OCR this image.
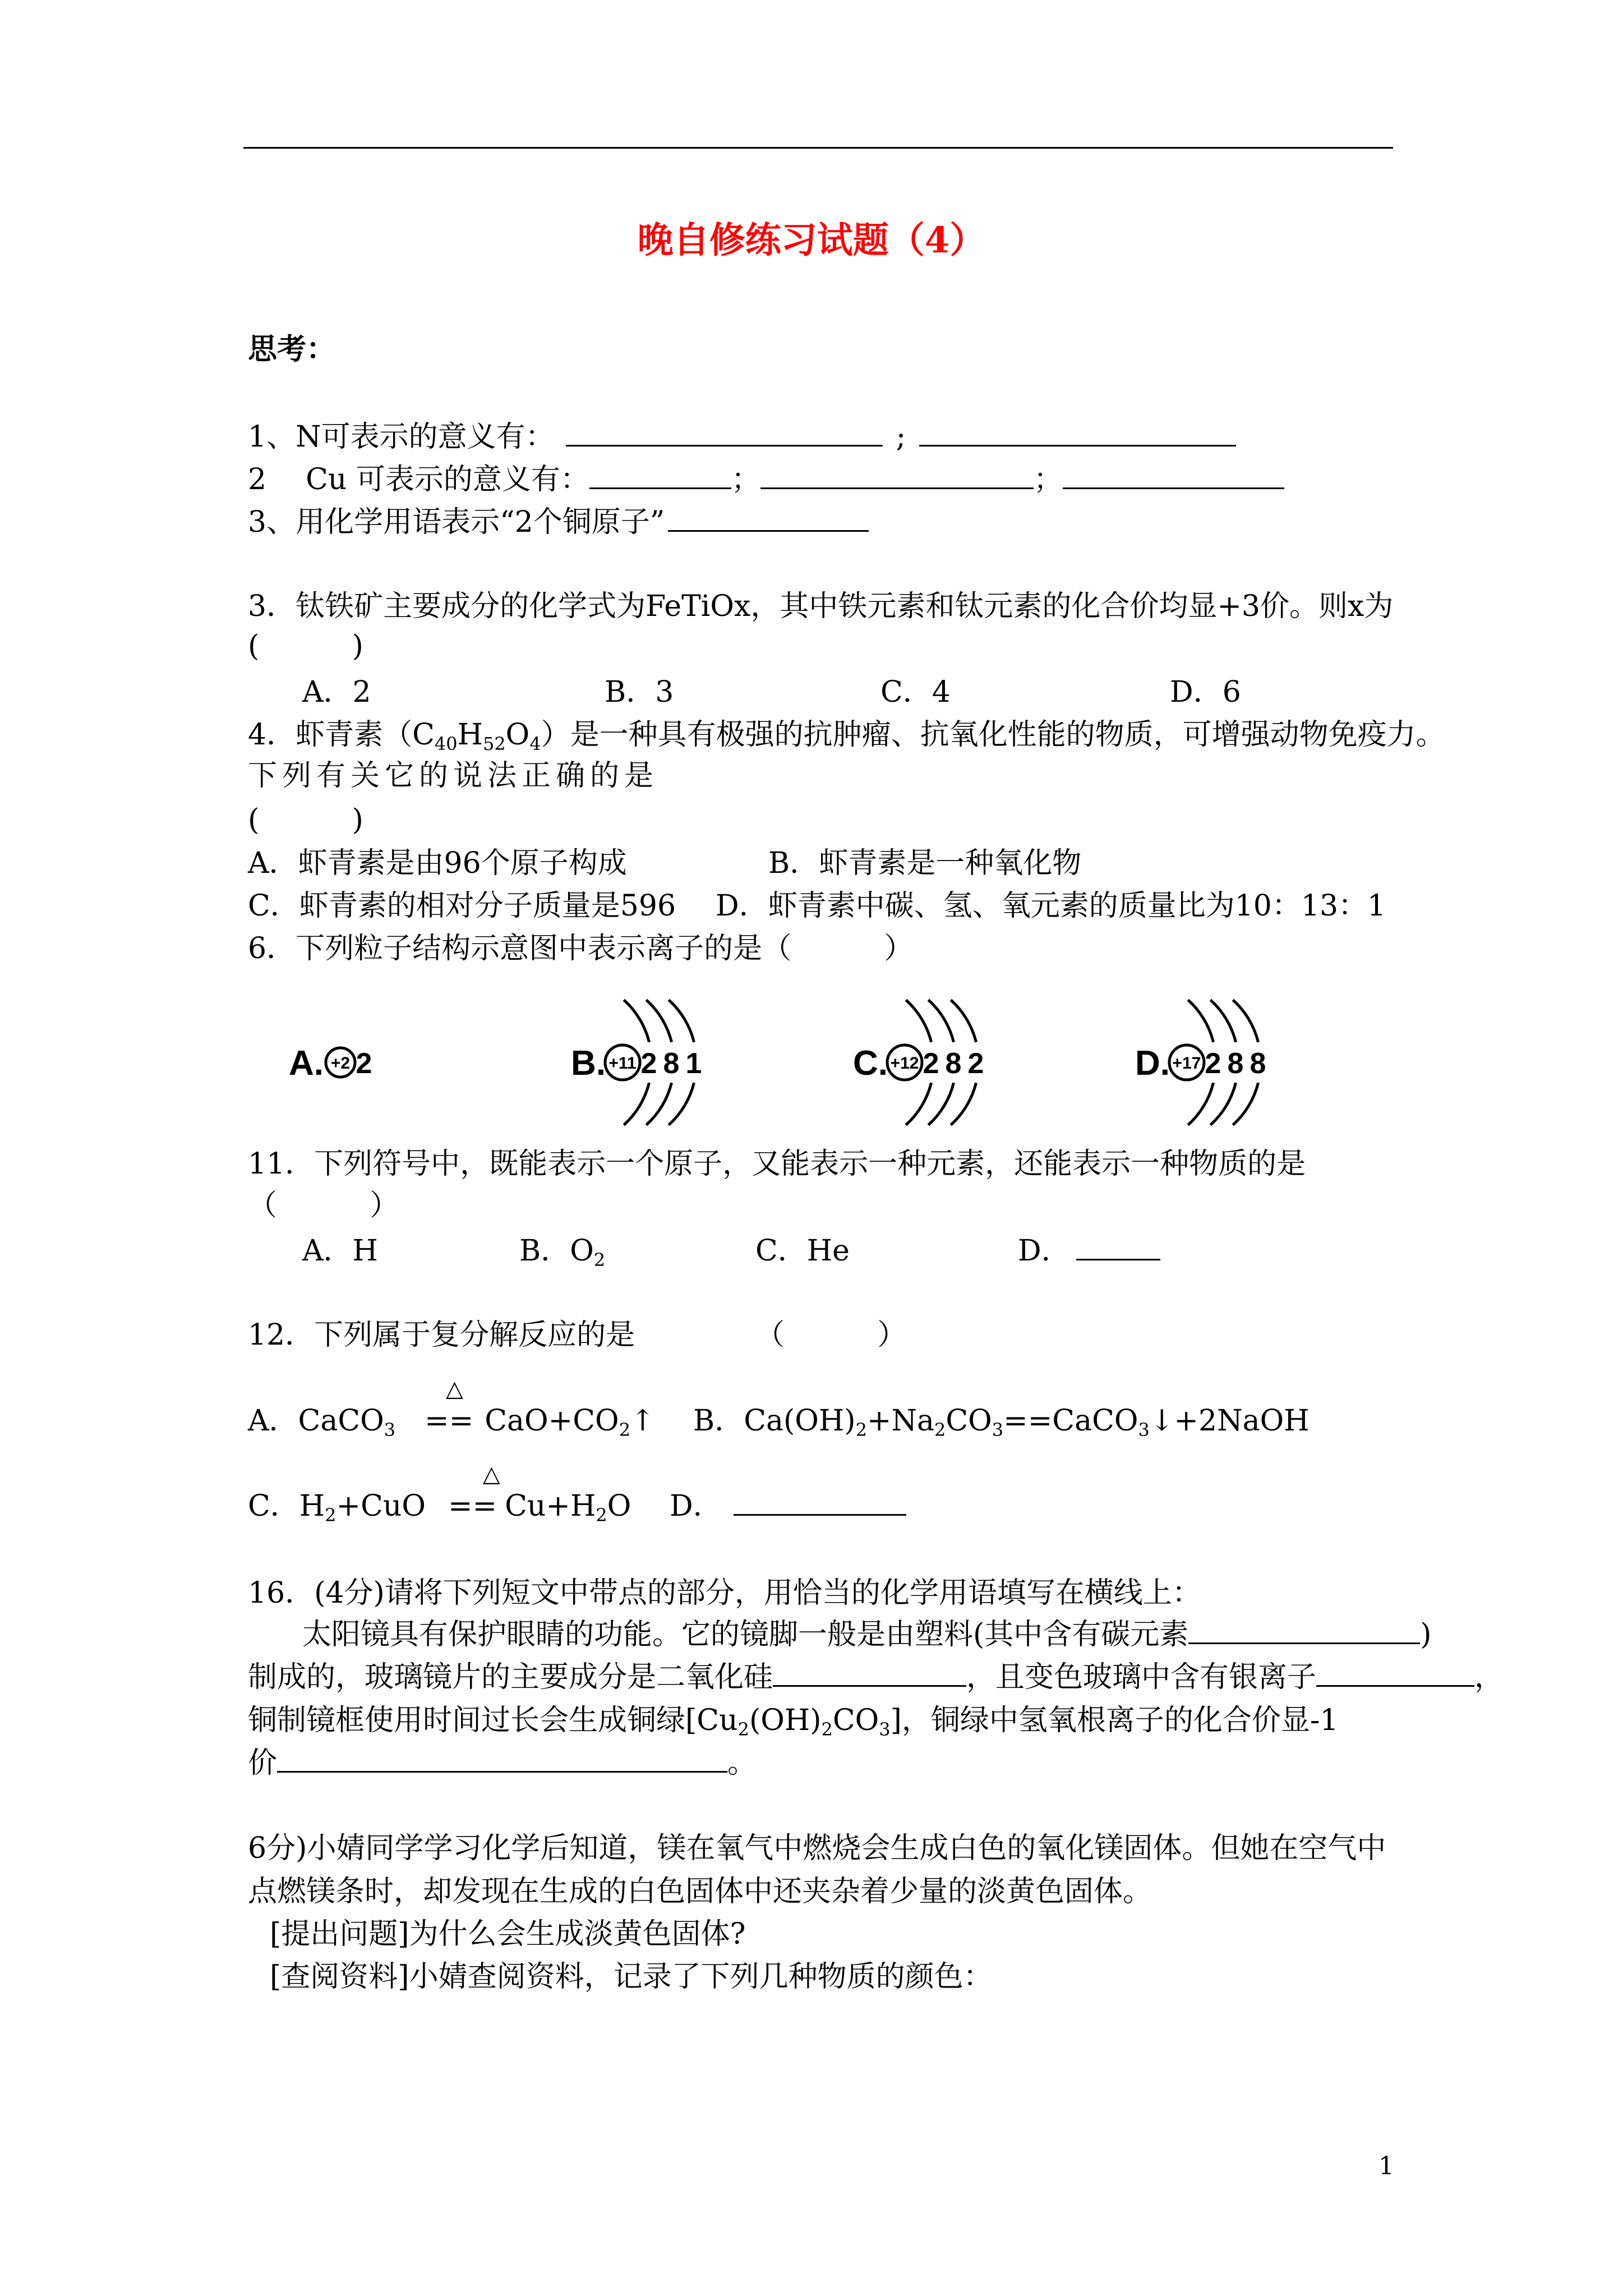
晚自修练习试题（4）
思考：
1、N可表示的意义有：	;
2 Cu 可表示的意义有：	；	；
3、用化学用语表示“2个铜原子”
3．钛铁矿主要成分的化学式为FeTiOx，其中铁元素和钛元素的化合价均显+3价。则x为
(          )
A．2	B．3	C．4	D．6
4．虾青素$(C_{40}H_{52}O_4)$是一种具有极强的抗肿瘤、抗氧化性能的物质，可增强动物免疫力。
下列有关它的说法正确的是
(          )
A．虾青素是由96个原子构成	B．虾青素是一种氧化物
C．虾青素的相对分子质量是596 D．虾青素中碳、氢、氧元素的质量比为10：13：1
6．下列粒子结构示意图中表示离子的是（          ）
A. +2 2	B. +11 2 8 1	C. +12 2 8 2	D. +17 2 8 8
11．下列符号中，既能表示一个原子，又能表示一种元素，还能表示一种物质的是
（          ）
A．H	B．$O_2$	C．He	D．
12．下列属于复分解反应的是	（          ）
A．CaCO$_3$ ==
△
$CaO+CO_2↑$ B．$Ca(OH)_2+Na_2CO_3==CaCO_3↓+2NaOH$
C．$H_2+CuO$ ==
△
$Cu+H_2O$ D．
16．(4分)请将下列短文中带点的部分，用恰当的化学用语填写在横线上：
太阳镜具有保护眼睛的功能。它的镜脚一般是由塑料(其中含有碳元素	)
制成的，玻璃镜片的主要成分是二氧化硅	，且变色玻璃中含有银离子	，
铜制镜框使用时间过长会生成铜绿$[Cu_2(OH)_2CO_3]$，铜绿中氢氧根离子的化合价显-1
价	。
6分)小婧同学学习化学后知道，镁在氧气中燃烧会生成白色的氧化镁固体。但她在空气中
点燃镁条时，却发现在生成的白色固体中还夹杂着少量的淡黄色固体。
[提出问题]为什么会生成淡黄色固体?
[查阅资料]小婧查阅资料，记录了下列几种物质的颜色：
1
